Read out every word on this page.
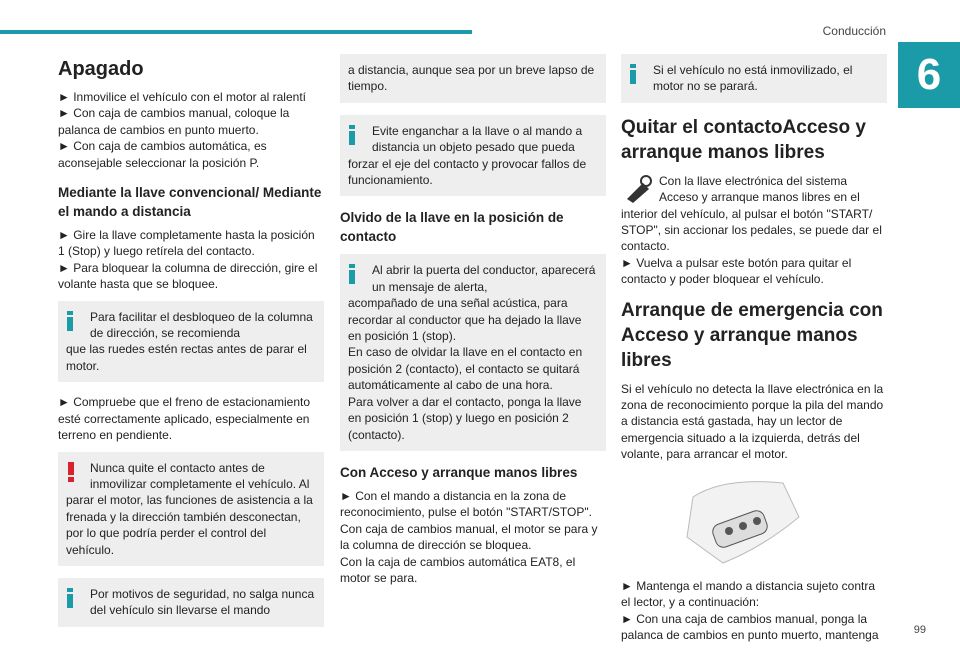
Conducción
6
Apagado

► Inmovilice el vehículo con el motor al ralentí
► Con caja de cambios manual, coloque la palanca de cambios en punto muerto.
► Con caja de cambios automática, es aconsejable seleccionar la posición P.

Mediante la llave convencional/ Mediante el mando a distancia

► Gire la llave completamente hasta la posición 1 (Stop) y luego retírela del contacto.
► Para bloquear la columna de dirección, gire el volante hasta que se bloquee.

Para facilitar el desbloqueo de la columna de dirección, se recomienda

que las ruedes estén rectas antes de parar el motor.

► Compruebe que el freno de estacionamiento esté correctamente aplicado, especialmente en terreno en pendiente.

Nunca quite el contacto antes de inmovilizar completamente el vehículo. Al

parar el motor, las funciones de asistencia a la frenada y la dirección también desconectan, por lo que podría perder el control del vehículo.

Por motivos de seguridad, no salga nunca del vehículo sin llevarse el mando

a distancia, aunque sea por un breve lapso de tiempo.

Evite enganchar a la llave o al mando a distancia un objeto pesado que pueda

forzar el eje del contacto y provocar fallos de funcionamiento.

Olvido de la llave en la posición de contacto

Al abrir la puerta del conductor, aparecerá un mensaje de alerta,

acompañado de una señal acústica, para recordar al conductor que ha dejado la llave en posición 1 (stop).
En caso de olvidar la llave en el contacto en posición 2 (contacto), el contacto se quitará automáticamente al cabo de una hora.
Para volver a dar el contacto, ponga la llave en posición 1 (stop) y luego en posición 2 (contacto).

Con Acceso y arranque manos libres

► Con el mando a distancia en la zona de reconocimiento, pulse el botón "START/STOP".
Con caja de cambios manual, el motor se para y la columna de dirección se bloquea.
Con la caja de cambios automática EAT8, el motor se para.

Si el vehículo no está inmovilizado, el motor no se parará.

Quitar el contactoAcceso y arranque manos libres

Con la llave electrónica del sistema Acceso y arranque manos libres en el interior del vehículo, al pulsar el botón "START/ STOP", sin accionar los pedales, se puede dar el contacto.
► Vuelva a pulsar este botón para quitar el contacto y poder bloquear el vehículo.

Arranque de emergencia con Acceso y arranque manos libres

Si el vehículo no detecta la llave electrónica en la zona de reconocimiento porque la pila del mando a distancia está gastada, hay un lector de emergencia situado a la izquierda, detrás del volante, para arrancar el motor.

► Mantenga el mando a distancia sujeto contra el lector, y a continuación:
► Con una caja de cambios manual, ponga la palanca de cambios en punto muerto, mantenga	99
